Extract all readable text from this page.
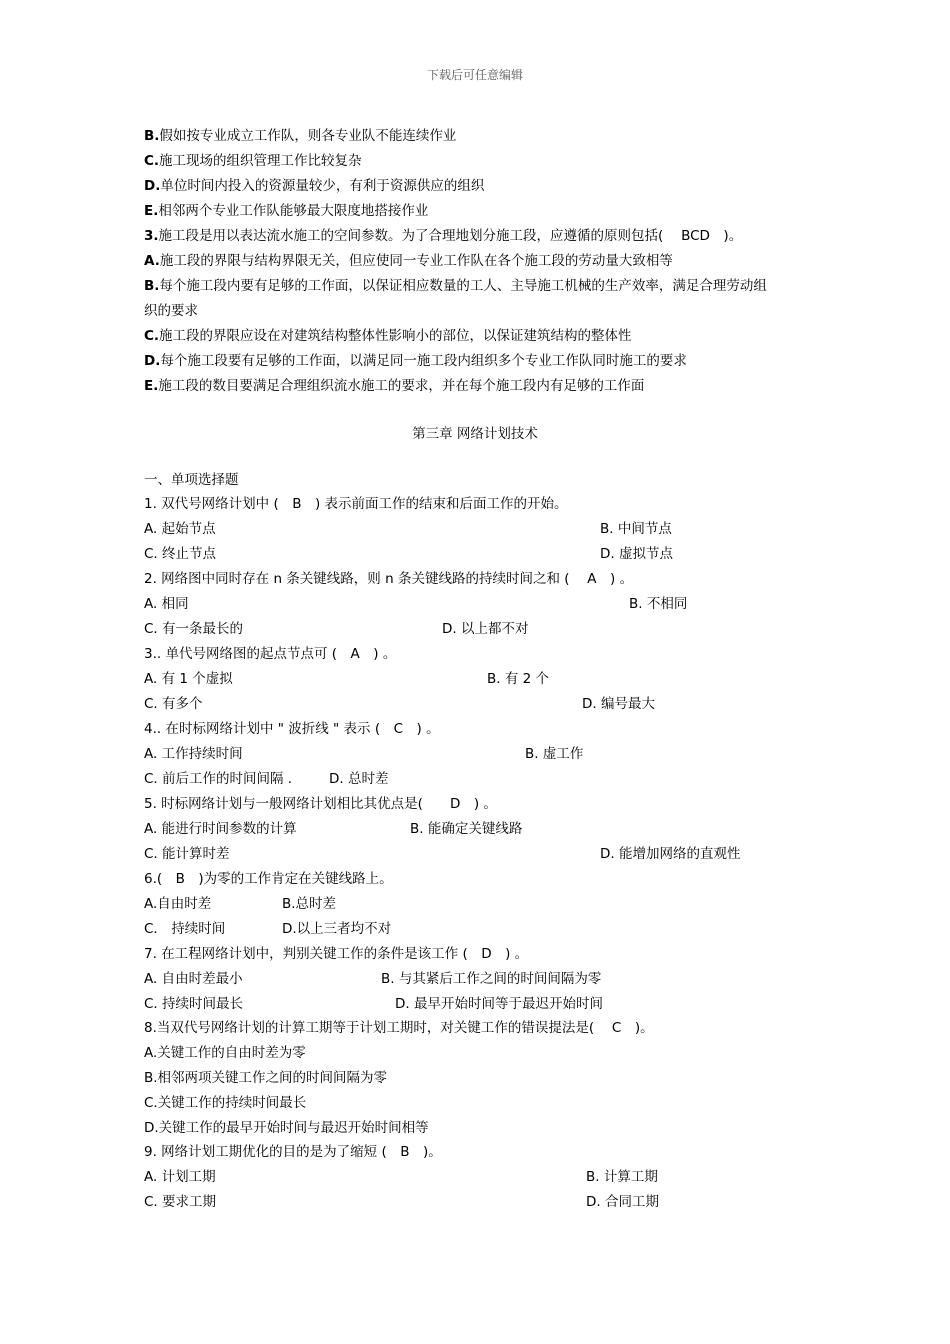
下载后可任意编辑
B.假如按专业成立工作队，则各专业队不能连续作业
C.施工现场的组织管理工作比较复杂
D.单位时间内投入的资源量较少，有利于资源供应的组织
E.相邻两个专业工作队能够最大限度地搭接作业
3.施工段是用以表达流水施工的空间参数。为了合理地划分施工段，应遵循的原则包括(　 BCD　)。
A.施工段的界限与结构界限无关，但应使同一专业工作队在各个施工段的劳动量大致相等
B.每个施工段内要有足够的工作面，以保证相应数量的工人、主导施工机械的生产效率，满足合理劳动组
织的要求
C.施工段的界限应设在对建筑结构整体性影响小的部位，以保证建筑结构的整体性
D.每个施工段要有足够的工作面，以满足同一施工段内组织多个专业工作队同时施工的要求
E.施工段的数目要满足合理组织流水施工的要求，并在每个施工段内有足够的工作面
第三章 网络计划技术
一、单项选择题
1. 双代号网络计划中 (　B　) 表示前面工作的结束和后面工作的开始。
A. 起始节点	B. 中间节点
C. 终止节点	D. 虚拟节点
2. 网络图中同时存在 n 条关键线路，则 n 条关键线路的持续时间之和 (　 A　) 。
A. 相同	B. 不相同
C. 有一条最长的	D. 以上都不对
3.. 单代号网络图的起点节点可 (　A　) 。
A. 有 1 个虚拟	B. 有 2 个
C. 有多个	D. 编号最大
4.. 在时标网络计划中 " 波折线 " 表示 (　C　) 。
A. 工作持续时间	B. 虚工作
C. 前后工作的时间间隔 .	D. 总时差
5. 时标网络计划与一般网络计划相比其优点是(　　D　) 。
A. 能进行时间参数的计算	B. 能确定关键线路
C. 能计算时差	D. 能增加网络的直观性
6.(　B　)为零的工作肯定在关键线路上。
A.自由时差	B.总时差
C.　持续时间	D.以上三者均不对
7. 在工程网络计划中，判别关键工作的条件是该工作 (　D　) 。
A. 自由时差最小	B. 与其紧后工作之间的时间间隔为零
C. 持续时间最长	D. 最早开始时间等于最迟开始时间
8.当双代号网络计划的计算工期等于计划工期时，对关键工作的错误提法是(　 C　)。
A.关键工作的自由时差为零
B.相邻两项关键工作之间的时间间隔为零
C.关键工作的持续时间最长
D.关键工作的最早开始时间与最迟开始时间相等
9. 网络计划工期优化的目的是为了缩短 (　B　)。
A. 计划工期	B. 计算工期
C. 要求工期	D. 合同工期
